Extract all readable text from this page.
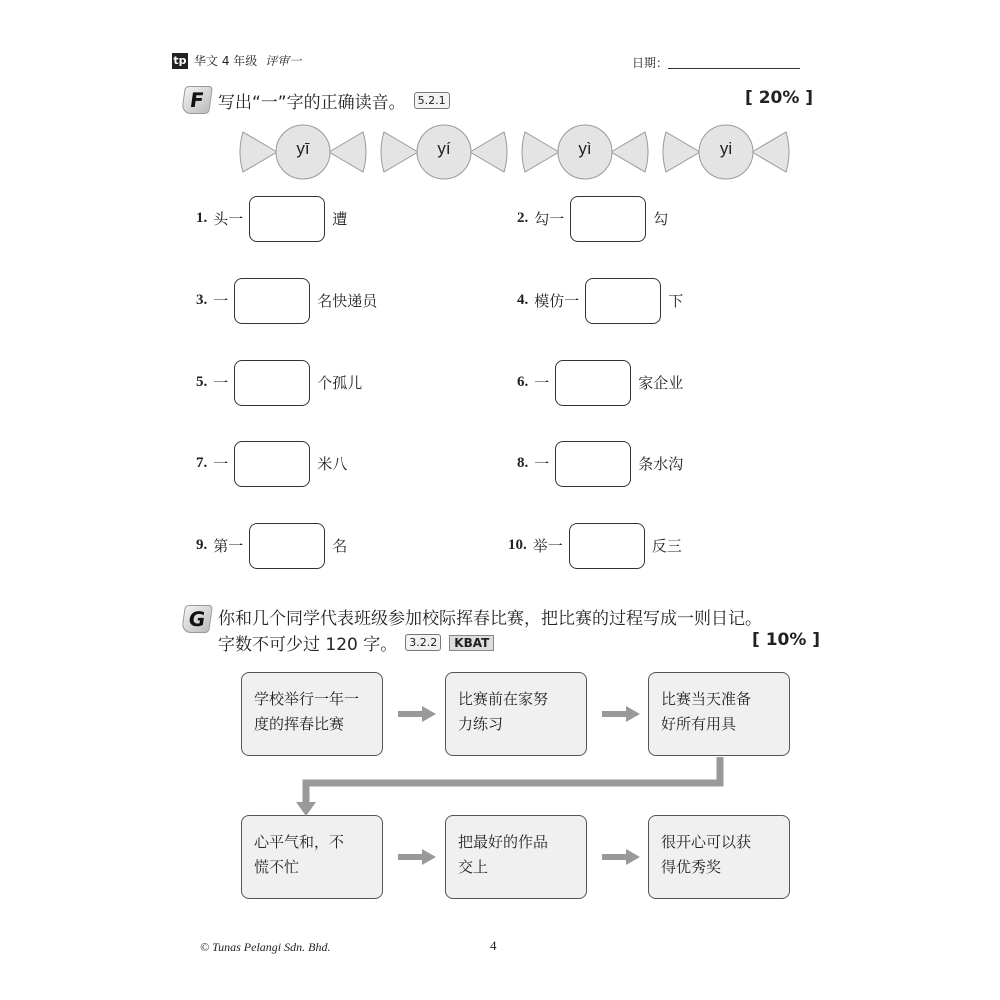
tp 华文 4 年级 评审一	日期：
F 写出“一”字的正确读音。	5.2.1	[ 20% ]
yī	yí	yì	yi
1. 头一	遭	2. 勾一	勾
3. 一	名快递员	4. 模仿一	下
5. 一	个孤儿	6. 一	家企业
7. 一	米八	8. 一	条水沟
9. 第一	名	10. 举一	反三
G 你和几个同学代表班级参加校际挥春比赛，把比赛的过程写成一则日记。
字数不可少过 120 字。	3.2.2	KBAT	[ 10% ]
学校举行一年一
度的挥春比赛
比赛前在家努
力练习
比赛当天准备
好所有用具
心平气和，不
慌不忙
把最好的作品
交上
很开心可以获
得优秀奖
© Tunas Pelangi Sdn. Bhd.	4
